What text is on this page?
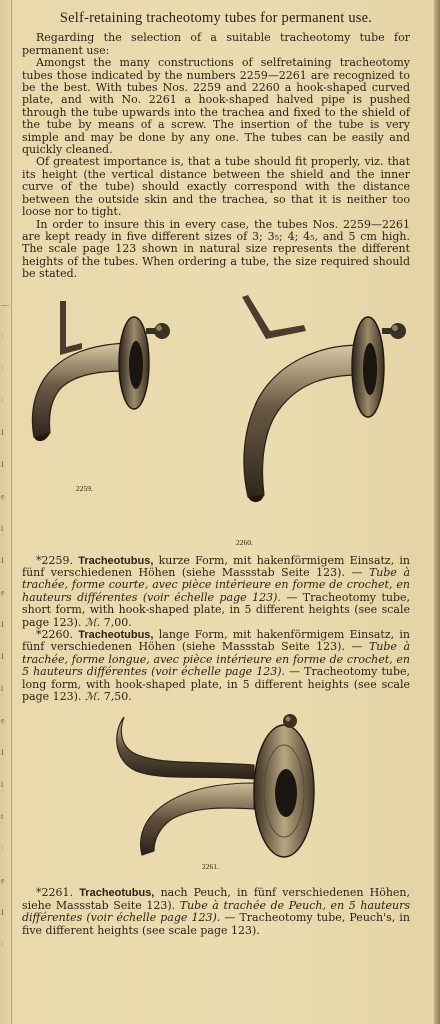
—
·
·
·
I
I
e
i
I
e
I
I
i
e
I
i
t
·
e
I
·
Self-retaining tracheotomy tubes for permanent use.

Regarding the selection of a suitable tracheotomy tube for permanent use:

Amongst the many constructions of selfretaining tracheotomy tubes those indicated by the numbers 2259—2261 are recognized to be the best. With tubes Nos. 2259 and 2260 a hook-shaped curved plate, and with No. 2261 a hook-shaped halved pipe is pushed through the tube upwards into the trachea and fixed to the shield of the tube by means of a screw. The insertion of the tube is very simple and may be done by any one. The tubes can be easily and quickly cleaned.

Of greatest importance is, that a tube should fit properly, viz. that its height (the vertical distance between the shield and the inner curve of the tube) should exactly correspond with the distance between the outside skin and the trachea, so that it is neither too loose nor to tight.

In order to insure this in every case, the tubes Nos. 2259—2261 are kept ready in five different sizes of 3; 3₅; 4; 4₅, and 5 cm high. The scale page 123 shown in natural size represents the different heights of the tubes. When ordering a tube, the size required should be stated.

2259.
2260.

*2259. Tracheotubus, kurze Form, mit hakenförmigem Einsatz, in fünf verschiedenen Höhen (siehe Massstab Seite 123). — Tube à trachée, forme courte, avec pièce intérieure en forme de crochet, en hauteurs différentes (voir échelle page 123). — Tracheotomy tube, short form, with hook-shaped plate, in 5 different heights (see scale page 123). ℳ. 7,00.

*2260. Tracheotubus, lange Form, mit hakenförmigem Einsatz, in fünf verschiedenen Höhen (siehe Massstab Seite 123). — Tube à trachée, forme longue, avec pièce intérieure en forme de crochet, en 5 hauteurs différentes (voir échelle page 123). — Tracheotomy tube, long form, with hook-shaped plate, in 5 different heights (see scale page 123). ℳ. 7,50.

2261.

*2261. Tracheotubus, nach Peuch, in fünf verschiedenen Höhen, siehe Massstab Seite 123). Tube à trachée de Peuch, en 5 hauteurs différentes (voir échelle page 123). — Tracheotomy tube, Peuch's, in five different heights (see scale page 123).
